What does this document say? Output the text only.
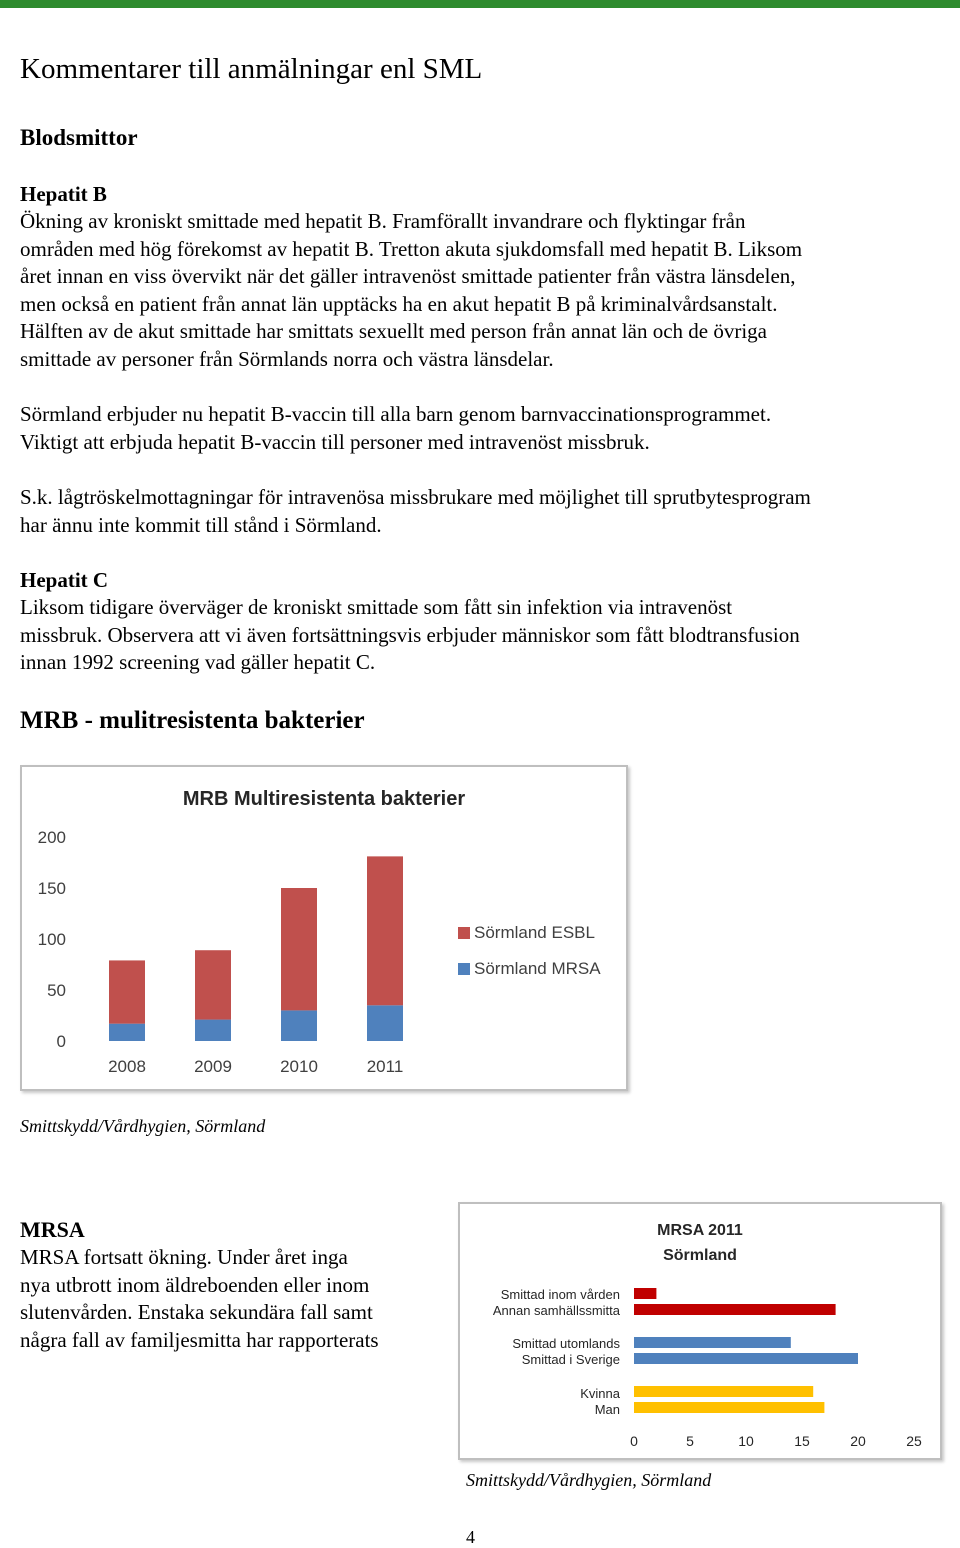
Kommentarer till anmälningar enl SML
Blodsmittor
Hepatit B
Ökning av kroniskt smittade med hepatit B. Framförallt invandrare och flyktingar från
områden med hög förekomst av hepatit B. Tretton akuta sjukdomsfall med hepatit B. Liksom
året innan en viss övervikt när det gäller intravenöst smittade patienter från västra länsdelen,
men också en patient från annat län upptäcks ha en akut hepatit B på kriminalvårdsanstalt.
Hälften av de akut smittade har smittats sexuellt med person från annat län och de övriga
smittade av personer från Sörmlands norra och västra länsdelar.
Sörmland erbjuder nu hepatit B-vaccin till alla barn genom barnvaccinationsprogrammet.
Viktigt att erbjuda hepatit B-vaccin till personer med intravenöst missbruk.
S.k. lågtröskelmottagningar för intravenösa missbrukare med möjlighet till sprutbytesprogram
har ännu inte kommit till stånd i Sörmland.
Hepatit C
Liksom tidigare överväger de kroniskt smittade som fått sin infektion via intravenöst
missbruk. Observera att vi även fortsättningsvis erbjuder människor som fått blodtransfusion
innan 1992 screening vad gäller hepatit C.
MRB - mulitresistenta bakterier
MRB Multiresistenta bakterier
0
50
100
150
200
2008	2009	2010	2011
Sörmland ESBL
Sörmland MRSA
Smittskydd/Vårdhygien, Sörmland
MRSA
MRSA fortsatt ökning. Under året inga
nya utbrott inom äldreboenden eller inom
slutenvården. Enstaka sekundära fall samt
några fall av familjesmitta har rapporterats
MRSA 2011
Sörmland
Smittad inom vården
Annan samhällssmitta
Smittad utomlands
Smittad i Sverige
Kvinna
Man
0	5	10	15	20	25
Smittskydd/Vårdhygien, Sörmland
4
